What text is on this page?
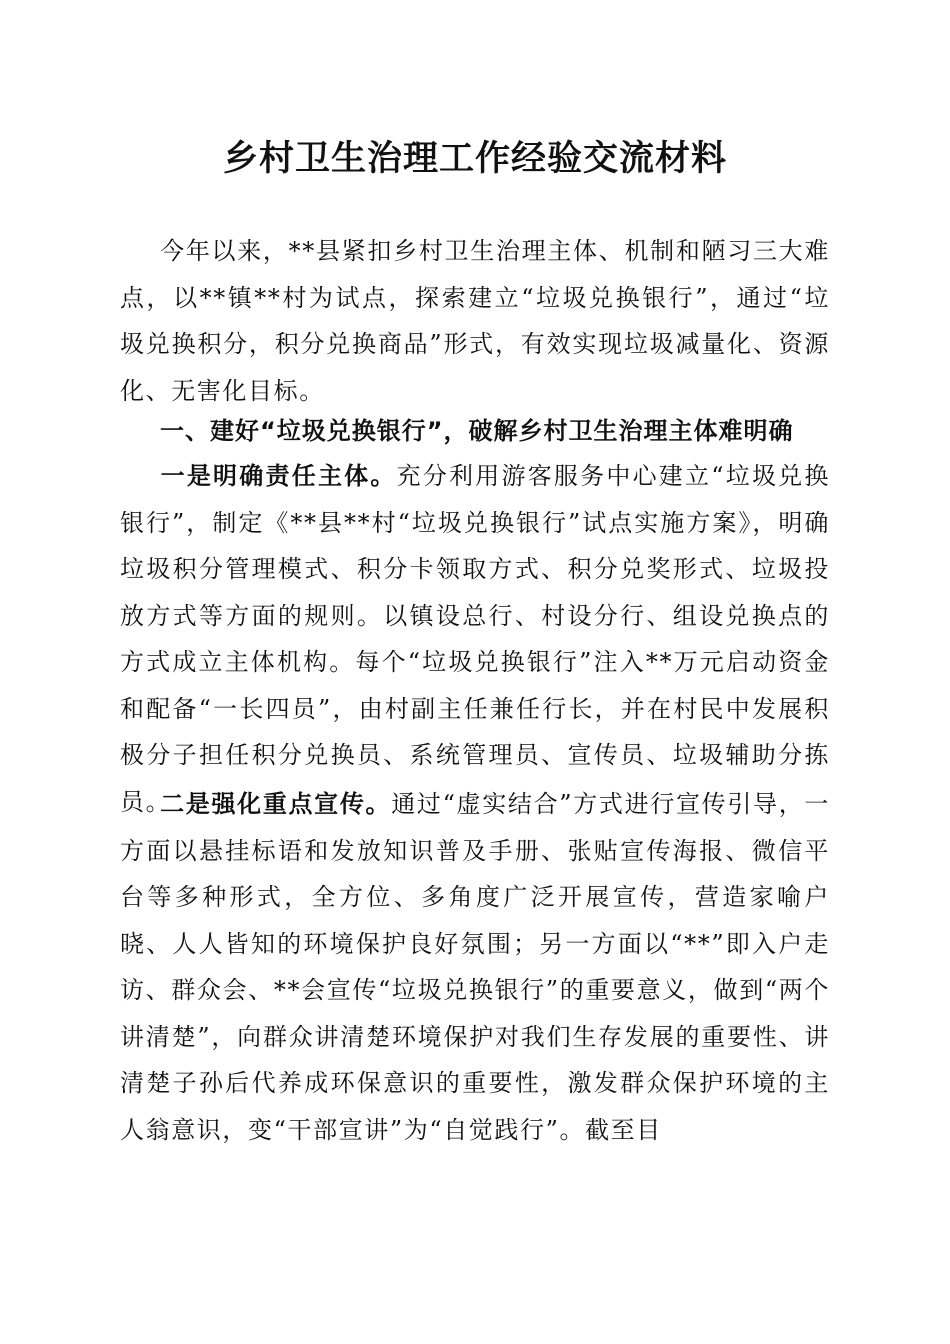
乡村卫生治理工作经验交流材料
今年以来，**县紧扣乡村卫生治理主体、机制和陋习三大难点，以**镇**村为试点，探索建立“垃圾兑换银行”，通过“垃圾兑换积分，积分兑换商品”形式，有效实现垃圾减量化、资源化、无害化目标。
一、建好“垃圾兑换银行”，破解乡村卫生治理主体难明确
一是明确责任主体。充分利用游客服务中心建立“垃圾兑换银行”，制定《**县**村“垃圾兑换银行”试点实施方案》，明确垃圾积分管理模式、积分卡领取方式、积分兑奖形式、垃圾投放方式等方面的规则。以镇设总行、村设分行、组设兑换点的方式成立主体机构。每个“垃圾兑换银行”注入**万元启动资金和配备“一长四员”，由村副主任兼任行长，并在村民中发展积极分子担任积分兑换员、系统管理员、宣传员、垃圾辅助分拣员。
二是强化重点宣传。通过“虚实结合”方式进行宣传引导，一方面以悬挂标语和发放知识普及手册、张贴宣传海报、微信平台等多种形式，全方位、多角度广泛开展宣传，营造家喻户晓、人人皆知的环境保护良好氛围；另一方面以“**”即入户走访、群众会、**会宣传“垃圾兑换银行”的重要意义，做到“两个讲清楚”，向群众讲清楚环境保护对我们生存发展的重要性、讲清楚子孙后代养成环保意识的重要性，激发群众保护环境的主人翁意识，变“干部宣讲”为“自觉践行”。截至目
